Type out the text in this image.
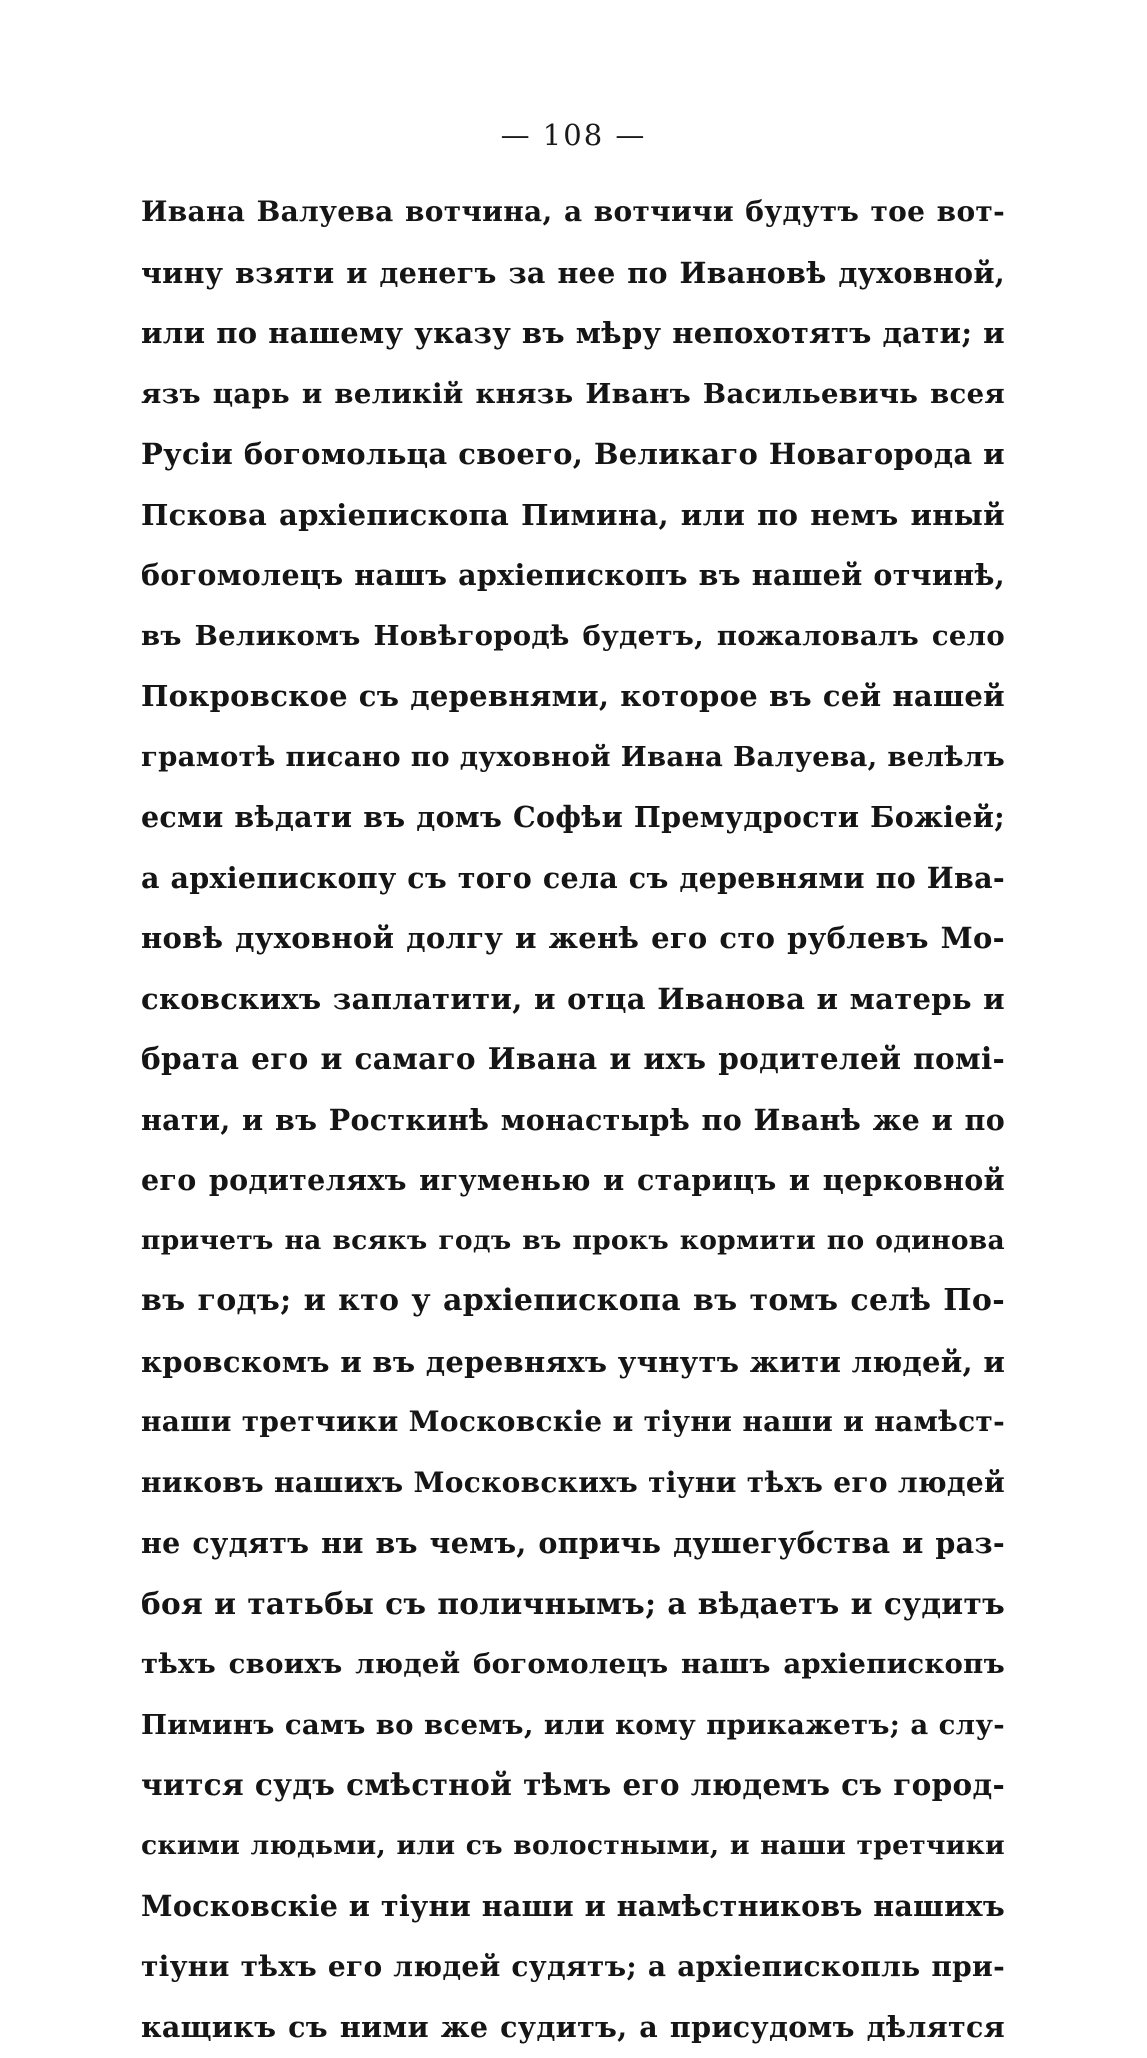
— 108 —
Ивана Валуева вотчина, а вотчичи будутъ тое вот-
чину взяти и денегъ за нее по Ивановѣ духовной,
или по нашему указу въ мѣру непохотятъ дати; и
язъ царь и великій князь Иванъ Васильевичь всея
Русіи богомольца своего, Великаго Новагорода и
Пскова архіепископа Пимина, или по немъ иный
богомолецъ нашъ архіепископъ въ нашей отчинѣ,
въ Великомъ Новѣгородѣ будетъ, пожаловалъ село
Покровское съ деревнями, которое въ сей нашей
грамотѣ писано по духовной Ивана Валуева, велѣлъ
есми вѣдати въ домъ Софѣи Премудрости Божіей;
а архіепископу съ того села съ деревнями по Ива-
новѣ духовной долгу и женѣ его сто рублевъ Мо-
сковскихъ заплатити, и отца Иванова и матерь и
брата его и самаго Ивана и ихъ родителей помі-
нати, и въ Росткинѣ монастырѣ по Иванѣ же и по
его родителяхъ игуменью и старицъ и церковной
причетъ на всякъ годъ въ прокъ кормити по одинова
въ годъ; и кто у архіепископа въ томъ селѣ По-
кровскомъ и въ деревняхъ учнутъ жити людей, и
наши третчики Московскіе и тіуни наши и намѣст-
никовъ нашихъ Московскихъ тіуни тѣхъ его людей
не судятъ ни въ чемъ, опричь душегубства и раз-
боя и татьбы съ поличнымъ; а вѣдаетъ и судитъ
тѣхъ своихъ людей богомолецъ нашъ архіепископъ
Пиминъ самъ во всемъ, или кому прикажетъ; а слу-
чится судъ смѣстной тѣмъ его людемъ съ город-
скими людьми, или съ волостными, и наши третчики
Московскіе и тіуни наши и намѣстниковъ нашихъ
тіуни тѣхъ его людей судятъ; а архіепископль при-
кащикъ съ ними же судитъ, а присудомъ дѣлятся
